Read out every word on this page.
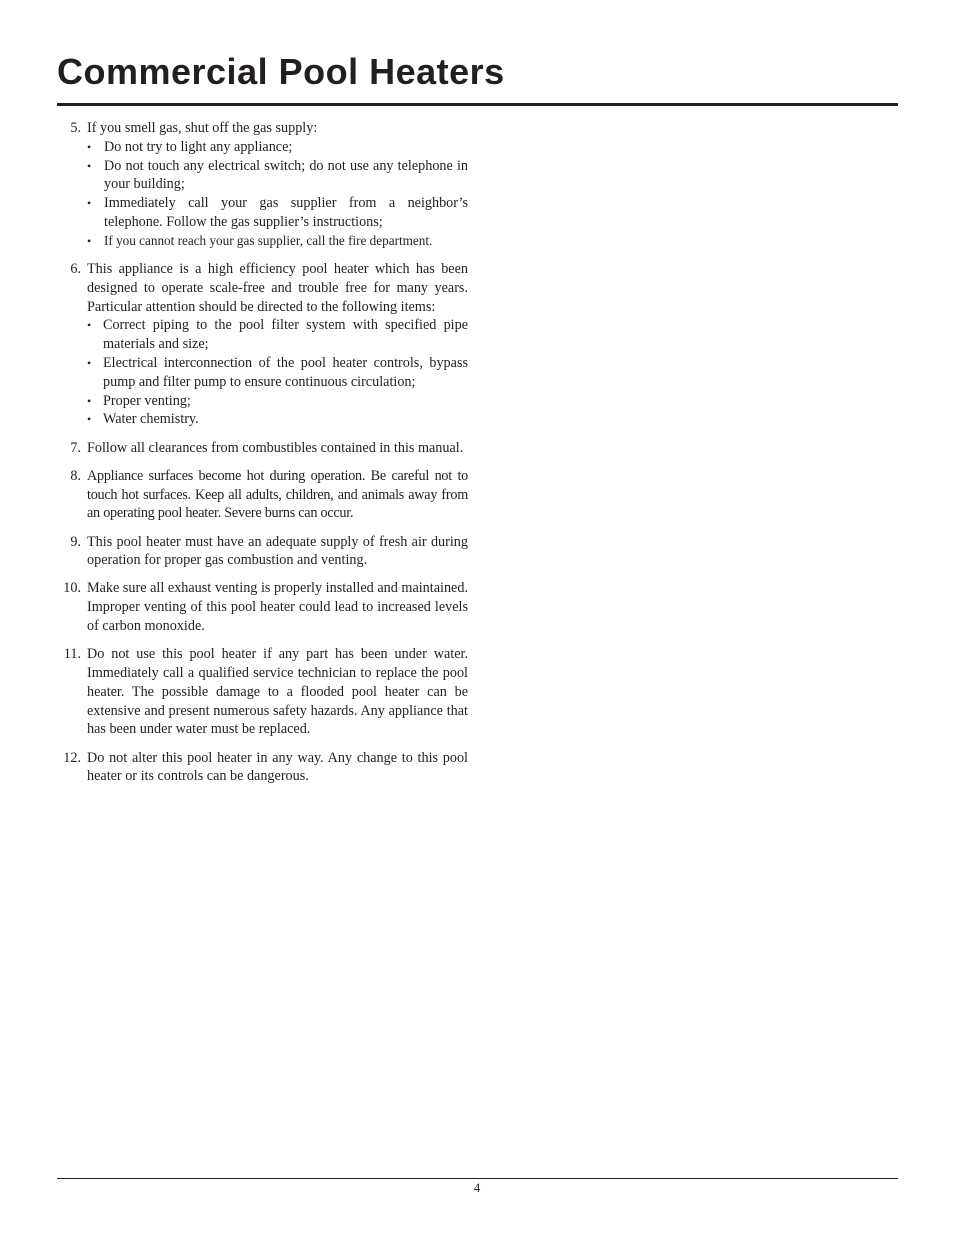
Commercial Pool Heaters
5. If you smell gas, shut off the gas supply:
• Do not try to light any appliance;
• Do not touch any electrical switch; do not use any telephone in your building;
• Immediately call your gas supplier from a neighbor’s telephone. Follow the gas supplier’s instructions;
• If you cannot reach your gas supplier, call the fire department.
6. This appliance is a high efficiency pool heater which has been designed to operate scale-free and trouble free for many years. Particular attention should be directed to the following items:
• Correct piping to the pool filter system with specified pipe materials and size;
• Electrical interconnection of the pool heater controls, bypass pump and filter pump to ensure continuous circulation;
• Proper venting;
• Water chemistry.
7. Follow all clearances from combustibles contained in this manual.
8. Appliance surfaces become hot during operation. Be careful not to touch hot surfaces. Keep all adults, children, and animals away from an operating pool heater. Severe burns can occur.
9. This pool heater must have an adequate supply of fresh air during operation for proper gas combustion and venting.
10. Make sure all exhaust venting is properly installed and maintained. Improper venting of this pool heater could lead to increased levels of carbon monoxide.
11. Do not use this pool heater if any part has been under water. Immediately call a qualified service technician to replace the pool heater. The possible damage to a flooded pool heater can be extensive and present numerous safety hazards. Any appliance that has been under water must be replaced.
12. Do not alter this pool heater in any way. Any change to this pool heater or its controls can be dangerous.
4
